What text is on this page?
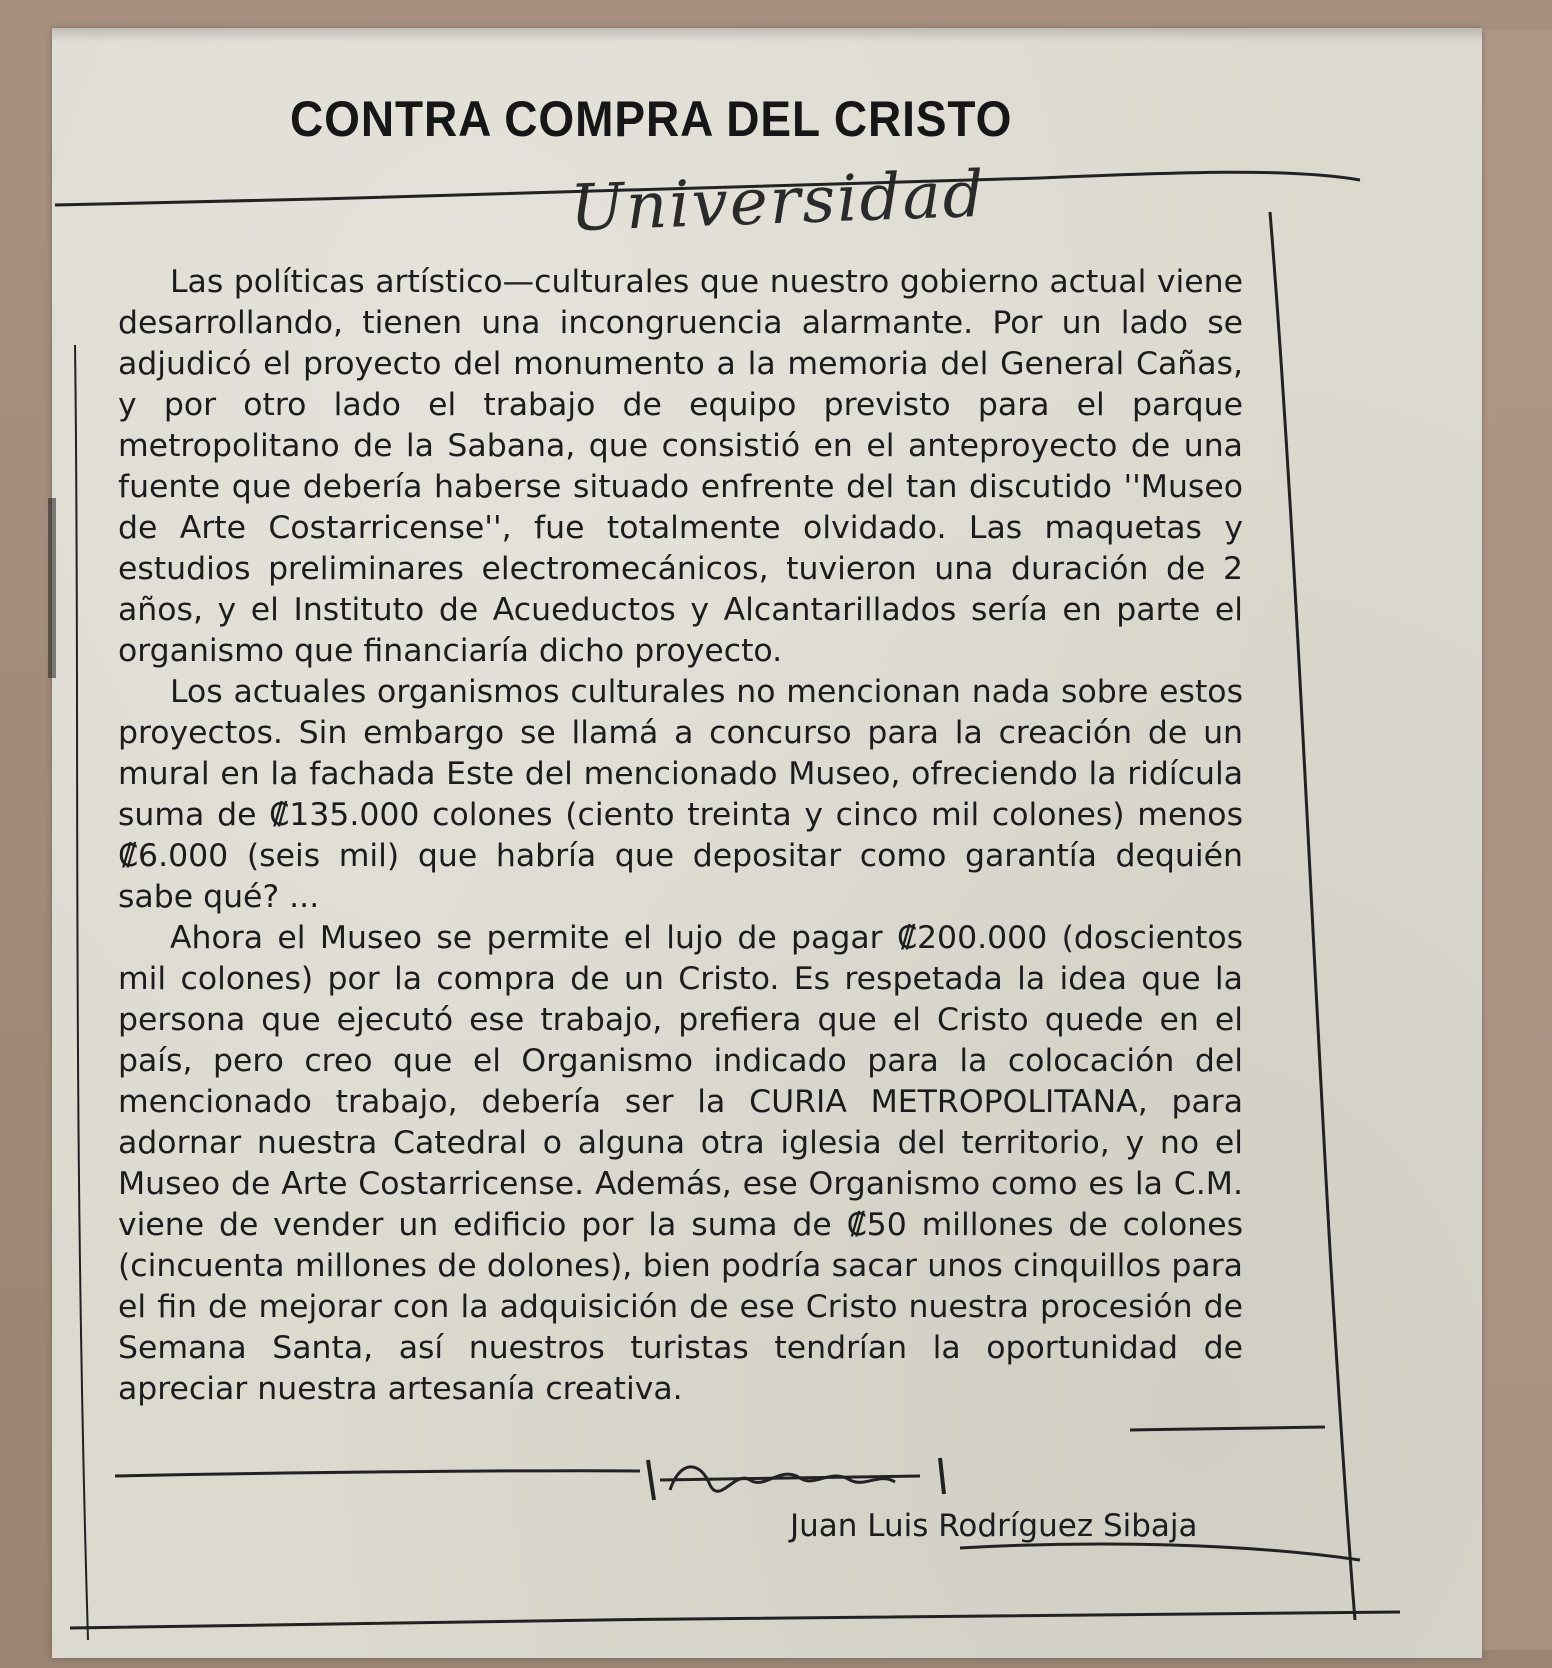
CONTRA COMPRA DEL CRISTO
Universidad

Las políticas artístico—culturales que nuestro gobierno actual viene desarrollando, tienen una incongruencia alarmante. Por un lado se adjudicó el proyecto del monumento a la memoria del General Cañas, y por otro lado el trabajo de equipo previsto para el parque metropolitano de la Sabana, que consistió en el anteproyecto de una fuente que debería haberse situado enfrente del tan discutido ''Museo de Arte Costarricense'', fue totalmente olvidado. Las maquetas y estudios preliminares electromecánicos, tuvieron una duración de 2 años, y el Instituto de Acueductos y Alcantarillados sería en parte el organismo que financiaría dicho proyecto.

Los actuales organismos culturales no mencionan nada sobre estos proyectos. Sin embargo se llamá a concurso para la creación de un mural en la fachada Este del mencionado Museo, ofreciendo la ridícula suma de ₡135.000 colones (ciento treinta y cinco mil colones) menos ₡6.000 (seis mil) que habría que depositar como garantía dequién sabe qué? ...

Ahora el Museo se permite el lujo de pagar ₡200.000 (doscientos mil colones) por la compra de un Cristo. Es respetada la idea que la persona que ejecutó ese trabajo, prefiera que el Cristo quede en el país, pero creo que el Organismo indicado para la colocación del mencionado trabajo, debería ser la CURIA METROPOLITANA, para adornar nuestra Catedral o alguna otra iglesia del territorio, y no el Museo de Arte Costarricense. Además, ese Organismo como es la C.M. viene de vender un edificio por la suma de ₡50 millones de colones (cincuenta millones de dolones), bien podría sacar unos cinquillos para el fin de mejorar con la adquisición de ese Cristo nuestra procesión de Semana Santa, así nuestros turistas tendrían la oportunidad de apreciar nuestra artesanía creativa.

Juan Luis Rodríguez Sibaja
